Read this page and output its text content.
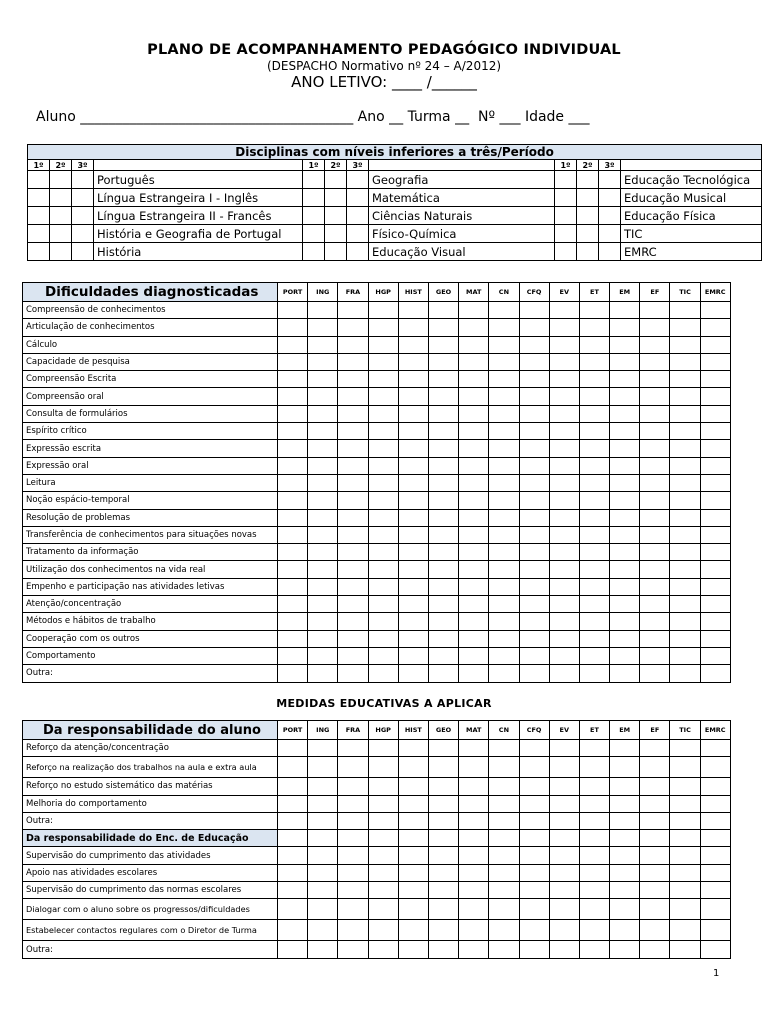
PLANO DE ACOMPANHAMENTO PEDAGÓGICO INDIVIDUAL
(DESPACHO Normativo nº 24 – A/2012)
ANO LETIVO: ____ /______
Aluno _______________________________________ Ano __ Turma __  Nº ___ Idade ___
Disciplinas com níveis inferiores a três/Período											
1º	2º	3º		1º	2º	3º		1º	2º	3º	
			Português				Geografia				Educação Tecnológica
			Língua Estrangeira I - Inglês				Matemática				Educação Musical
			Língua Estrangeira II - Francês				Ciências Naturais				Educação Física
			História e Geografia de Portugal				Físico-Química				TIC
			História				Educação Visual				EMRC
Dificuldades diagnosticadas	PORT	ING	FRA	HGP	HIST	GEO	MAT	CN	CFQ	EV	ET	EM	EF	TIC	EMRC
Compreensão de conhecimentos															
Articulação de conhecimentos															
Cálculo															
Capacidade de pesquisa															
Compreensão Escrita															
Compreensão oral															
Consulta de formulários															
Espírito crítico															
Expressão escrita															
Expressão oral															
Leitura															
Noção espácio-temporal															
Resolução de problemas															
Transferência de conhecimentos para situações novas															
Tratamento da informação															
Utilização dos conhecimentos na vida real															
Empenho e participação nas atividades letivas															
Atenção/concentração															
Métodos e hábitos de trabalho															
Cooperação com os outros															
Comportamento															
Outra:															
MEDIDAS EDUCATIVAS A APLICAR
Da responsabilidade do aluno	PORT	ING	FRA	HGP	HIST	GEO	MAT	CN	CFQ	EV	ET	EM	EF	TIC	EMRC
Reforço da atenção/concentração															
Reforço na realização dos trabalhos na aula e extra aula															
Reforço no estudo sistemático das matérias															
Melhoria do comportamento															
Outra:															
Da responsabilidade do Enc. de Educação															
Supervisão do cumprimento das atividades															
Apoio nas atividades escolares															
Supervisão do cumprimento das normas escolares															
Dialogar com o aluno sobre os progressos/dificuldades															
Estabelecer contactos regulares com o Diretor de Turma															
Outra:															
1
